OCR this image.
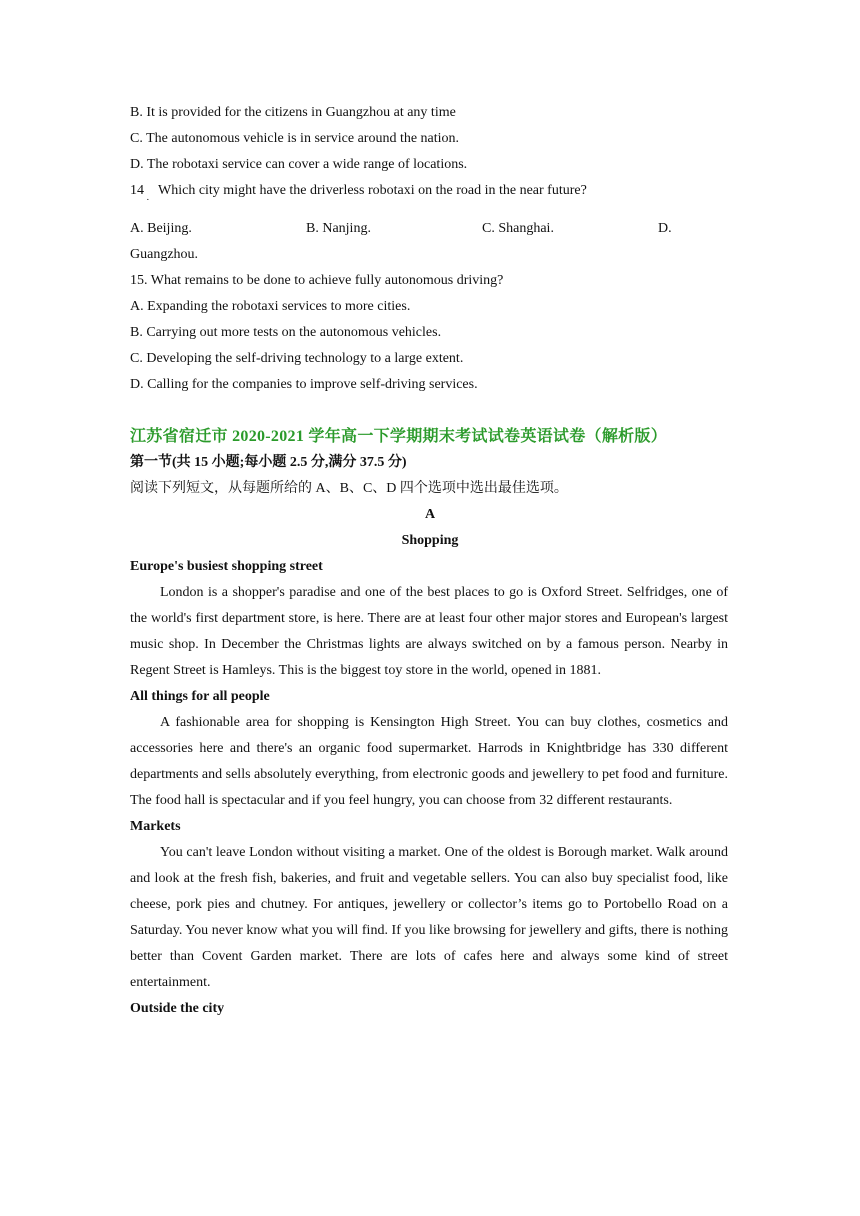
B. It is provided for the citizens in Guangzhou at any time
C. The autonomous vehicle is in service around the nation.
D. The robotaxi service can cover a wide range of locations.
14 Which city might have the driverless robotaxi on the road in the near future?
˙
A. Beijing.	B. Nanjing.	C. Shanghai.	D.
Guangzhou.
15. What remains to be done to achieve fully autonomous driving?
A. Expanding the robotaxi services to more cities.
B. Carrying out more tests on the autonomous vehicles.
C. Developing the self-driving technology to a large extent.
D. Calling for the companies to improve self-driving services.
江苏省宿迁市 2020-2021 学年高一下学期期末考试试卷英语试卷（解析版）
第一节(共 15 小题;每小题 2.5 分,满分 37.5 分)
阅读下列短文，从每题所给的 A、B、C、D 四个选项中选出最佳选项。
A
Shopping
Europe's busiest shopping street
London is a shopper's paradise and one of the best places to go is Oxford Street. Selfridges, one of the world's first department store, is here. There are at least four other major stores and European's largest music shop. In December the Christmas lights are always switched on by a famous person. Nearby in Regent Street is Hamleys. This is the biggest toy store in the world, opened in 1881.
All things for all people
A fashionable area for shopping is Kensington High Street. You can buy clothes, cosmetics and accessories here and there's an organic food supermarket. Harrods in Knightbridge has 330 different departments and sells absolutely everything, from electronic goods and jewellery to pet food and furniture. The food hall is spectacular and if you feel hungry, you can choose from 32 different restaurants.
Markets
You can't leave London without visiting a market. One of the oldest is Borough market. Walk around and look at the fresh fish, bakeries, and fruit and vegetable sellers. You can also buy specialist food, like cheese, pork pies and chutney. For antiques, jewellery or collector’s items go to Portobello Road on a Saturday. You never know what you will find. If you like browsing for jewellery and gifts, there is nothing better than Covent Garden market. There are lots of cafes here and always some kind of street entertainment.
Outside the city
